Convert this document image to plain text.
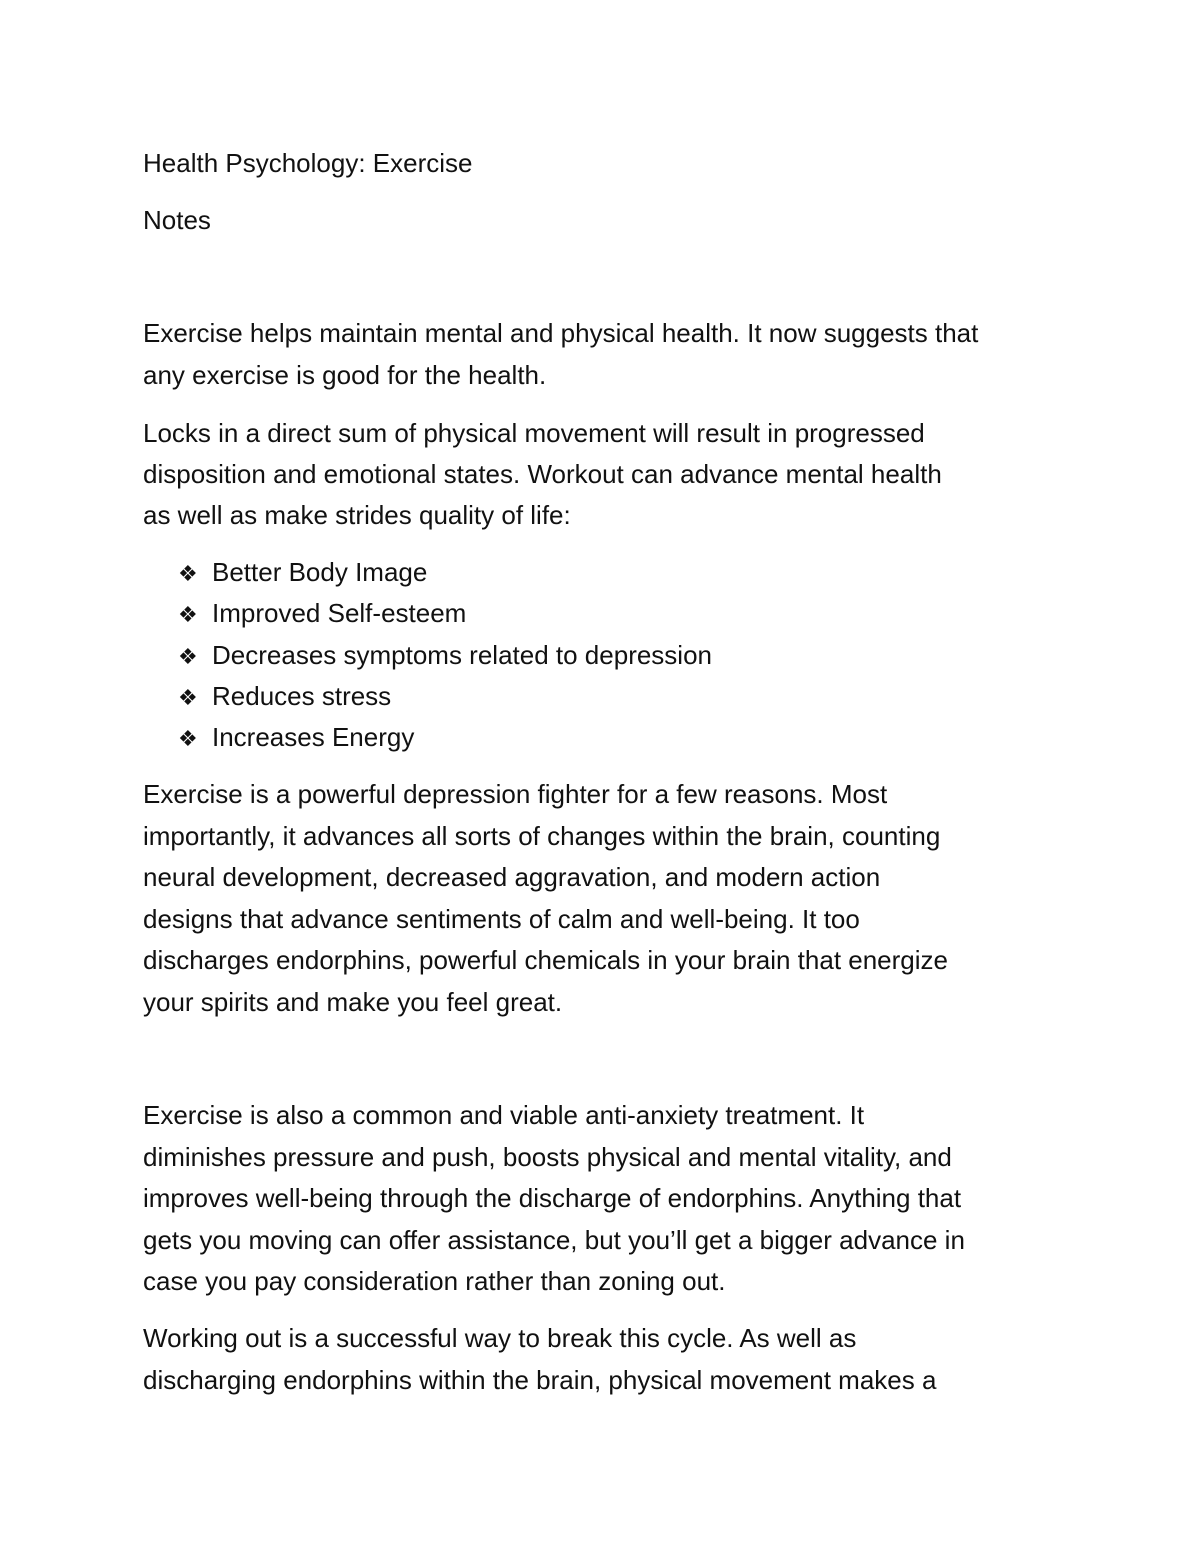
Health Psychology: Exercise

Notes

Exercise helps maintain mental and physical health. It now suggests that

any exercise is good for the health.

Locks in a direct sum of physical movement will result in progressed

disposition and emotional states. Workout can advance mental health

as well as make strides quality of life:

❖ Better Body Image

❖ Improved Self-esteem

❖ Decreases symptoms related to depression

❖ Reduces stress

❖ Increases Energy

Exercise is a powerful depression fighter for a few reasons. Most

importantly, it advances all sorts of changes within the brain, counting

neural development, decreased aggravation, and modern action

designs that advance sentiments of calm and well-being. It too

discharges endorphins, powerful chemicals in your brain that energize

your spirits and make you feel great.

Exercise is also a common and viable anti-anxiety treatment. It

diminishes pressure and push, boosts physical and mental vitality, and

improves well-being through the discharge of endorphins. Anything that

gets you moving can offer assistance, but you’ll get a bigger advance in

case you pay consideration rather than zoning out.

Working out is a successful way to break this cycle. As well as

discharging endorphins within the brain, physical movement makes a
